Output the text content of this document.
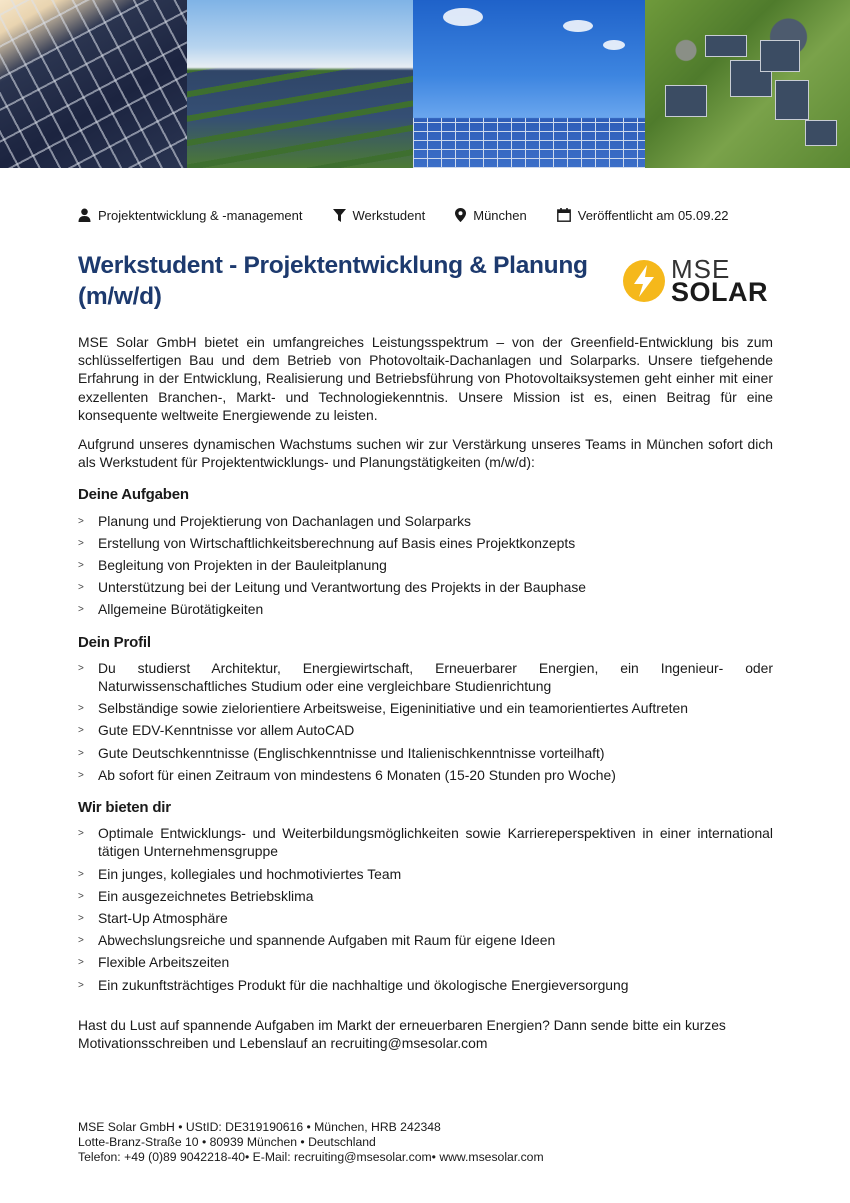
Projektentwicklung & -management	Werkstudent	München	Veröffentlicht am 05.09.22
Werkstudent - Projektentwicklung & Planung (m/w/d)
MSE
SOLAR

MSE Solar GmbH bietet ein umfangreiches Leistungsspektrum – von der Greenfield-Entwicklung bis zum schlüsselfertigen Bau und dem Betrieb von Photovoltaik-Dachanlagen und Solarparks. Unsere tiefgehende Erfahrung in der Entwicklung, Realisierung und Betriebsführung von Photovoltaiksystemen geht einher mit einer exzellenten Branchen-, Markt- und Technologiekenntnis. Unsere Mission ist es, einen Beitrag für eine konsequente weltweite Energiewende zu leisten.

Aufgrund unseres dynamischen Wachstums suchen wir zur Verstärkung unseres Teams in München sofort dich als Werkstudent für Projektentwicklungs- und Planungstätigkeiten (m/w/d):

Deine Aufgaben
> Planung und Projektierung von Dachanlagen und Solarparks
> Erstellung von Wirtschaftlichkeitsberechnung auf Basis eines Projektkonzepts
> Begleitung von Projekten in der Bauleitplanung
> Unterstützung bei der Leitung und Verantwortung des Projekts in der Bauphase
> Allgemeine Bürotätigkeiten
Dein Profil
> Du studierst Architektur, Energiewirtschaft, Erneuerbarer Energien, ein Ingenieur- oder Naturwissenschaftliches Studium oder eine vergleichbare Studienrichtung
> Selbständige sowie zielorientiere Arbeitsweise, Eigeninitiative und ein teamorientiertes Auftreten
> Gute EDV-Kenntnisse vor allem AutoCAD
> Gute Deutschkenntnisse (Englischkenntnisse und Italienischkenntnisse vorteilhaft)
> Ab sofort für einen Zeitraum von mindestens 6 Monaten (15-20 Stunden pro Woche)
Wir bieten dir
> Optimale Entwicklungs- und Weiterbildungsmöglichkeiten sowie Karriereperspektiven in einer international tätigen Unternehmensgruppe
> Ein junges, kollegiales und hochmotiviertes Team
> Ein ausgezeichnetes Betriebsklima
> Start-Up Atmosphäre
> Abwechslungsreiche und spannende Aufgaben mit Raum für eigene Ideen
> Flexible Arbeitszeiten
> Ein zukunftsträchtiges Produkt für die nachhaltige und ökologische Energieversorgung

Hast du Lust auf spannende Aufgaben im Markt der erneuerbaren Energien? Dann sende bitte ein kurzes Motivationsschreiben und Lebenslauf an recruiting@msesolar.com

MSE Solar GmbH • UStID: DE319190616 • München, HRB 242348
Lotte-Branz-Straße 10 • 80939 München • Deutschland
Telefon: +49 (0)89 9042218-40• E-Mail: recruiting@msesolar.com• www.msesolar.com
